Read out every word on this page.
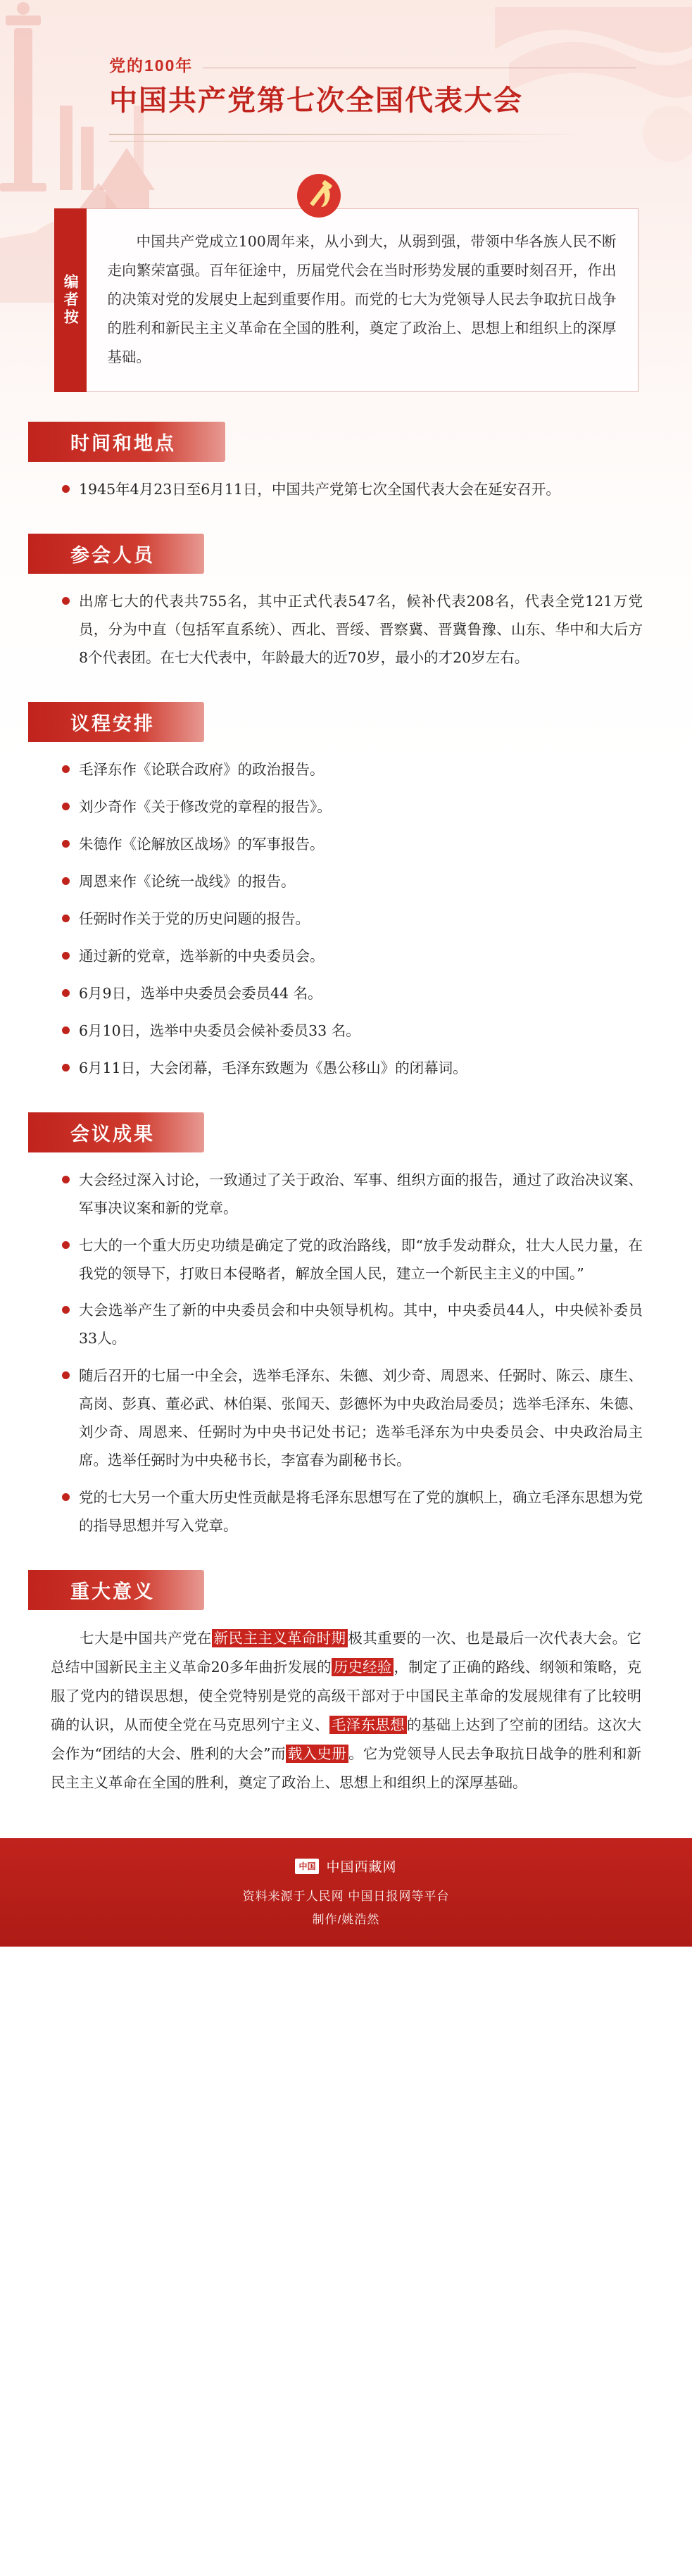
党的100年
中国共产党第七次全国代表大会
编者按
中国共产党成立100周年来，从小到大，从弱到强，带领中华各族人民不断走向繁荣富强。百年征途中，历届党代会在当时形势发展的重要时刻召开，作出的决策对党的发展史上起到重要作用。而党的七大为党领导人民去争取抗日战争的胜利和新民主主义革命在全国的胜利，奠定了政治上、思想上和组织上的深厚基础。
时间和地点
1945年4月23日至6月11日，中国共产党第七次全国代表大会在延安召开。
参会人员
出席七大的代表共755名，其中正式代表547名，候补代表208名，代表全党121万党员，分为中直（包括军直系统）、西北、晋绥、晋察冀、晋冀鲁豫、山东、华中和大后方8个代表团。在七大代表中，年龄最大的近70岁，最小的才20岁左右。
议程安排
毛泽东作《论联合政府》的政治报告。
刘少奇作《关于修改党的章程的报告》。
朱德作《论解放区战场》的军事报告。
周恩来作《论统一战线》的报告。
任弼时作关于党的历史问题的报告。
通过新的党章，选举新的中央委员会。
6月9日，选举中央委员会委员44 名。
6月10日，选举中央委员会候补委员33 名。
6月11日，大会闭幕，毛泽东致题为《愚公移山》的闭幕词。
会议成果
大会经过深入讨论，一致通过了关于政治、军事、组织方面的报告，通过了政治决议案、军事决议案和新的党章。
七大的一个重大历史功绩是确定了党的政治路线，即“放手发动群众，壮大人民力量，在我党的领导下，打败日本侵略者，解放全国人民，建立一个新民主主义的中国。”
大会选举产生了新的中央委员会和中央领导机构。其中，中央委员44人，中央候补委员33人。
随后召开的七届一中全会，选举毛泽东、朱德、刘少奇、周恩来、任弼时、陈云、康生、高岗、彭真、董必武、林伯渠、张闻天、彭德怀为中央政治局委员；选举毛泽东、朱德、刘少奇、周恩来、任弼时为中央书记处书记；选举毛泽东为中央委员会、中央政治局主席。选举任弼时为中央秘书长，李富春为副秘书长。
党的七大另一个重大历史性贡献是将毛泽东思想写在了党的旗帜上，确立毛泽东思想为党的指导思想并写入党章。
重大意义
七大是中国共产党在 新民主主义革命时期 极其重要的一次、也是最后一次代表大会。它总结中国新民主主义革命20多年曲折发展的 历史经验 ，制定了正确的路线、纲领和策略，克服了党内的错误思想，使全党特别是党的高级干部对于中国民主革命的发展规律有了比较明确的认识，从而使全党在马克思列宁主义、 毛泽东思想 的基础上达到了空前的团结。这次大会作为“团结的大会、胜利的大会”而 载入史册 。它为党领导人民去争取抗日战争的胜利和新民主主义革命在全国的胜利，奠定了政治上、思想上和组织上的深厚基础。
中国 中国西藏网
资料来源于人民网 中国日报网等平台
制作/姚浩然
